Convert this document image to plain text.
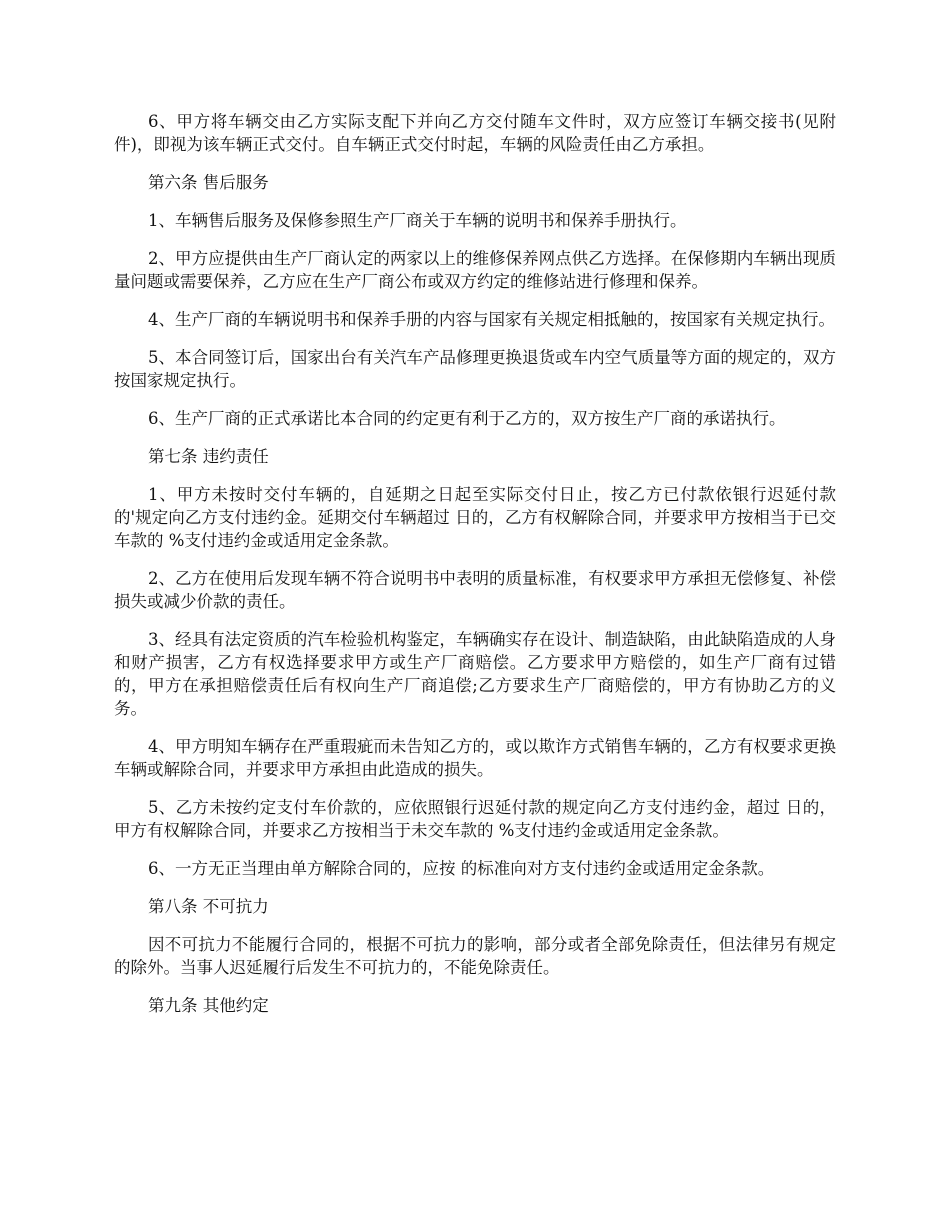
6、甲方将车辆交由乙方实际支配下并向乙方交付随车文件时，双方应签订车辆交接书(见附件)，即视为该车辆正式交付。自车辆正式交付时起，车辆的风险责任由乙方承担。

第六条 售后服务

1、车辆售后服务及保修参照生产厂商关于车辆的说明书和保养手册执行。

2、甲方应提供由生产厂商认定的两家以上的维修保养网点供乙方选择。在保修期内车辆出现质量问题或需要保养，乙方应在生产厂商公布或双方约定的维修站进行修理和保养。

4、生产厂商的车辆说明书和保养手册的内容与国家有关规定相抵触的，按国家有关规定执行。

5、本合同签订后，国家出台有关汽车产品修理更换退货或车内空气质量等方面的规定的，双方按国家规定执行。

6、生产厂商的正式承诺比本合同的约定更有利于乙方的，双方按生产厂商的承诺执行。

第七条 违约责任

1、甲方未按时交付车辆的，自延期之日起至实际交付日止，按乙方已付款依银行迟延付款的'规定向乙方支付违约金。延期交付车辆超过 日的，乙方有权解除合同，并要求甲方按相当于已交车款的 %支付违约金或适用定金条款。

2、乙方在使用后发现车辆不符合说明书中表明的质量标准，有权要求甲方承担无偿修复、补偿损失或减少价款的责任。

3、经具有法定资质的汽车检验机构鉴定，车辆确实存在设计、制造缺陷，由此缺陷造成的人身和财产损害，乙方有权选择要求甲方或生产厂商赔偿。乙方要求甲方赔偿的，如生产厂商有过错的，甲方在承担赔偿责任后有权向生产厂商追偿;乙方要求生产厂商赔偿的，甲方有协助乙方的义务。

4、甲方明知车辆存在严重瑕疵而未告知乙方的，或以欺诈方式销售车辆的，乙方有权要求更换车辆或解除合同，并要求甲方承担由此造成的损失。

5、乙方未按约定支付车价款的，应依照银行迟延付款的规定向乙方支付违约金，超过 日的，甲方有权解除合同，并要求乙方按相当于未交车款的 %支付违约金或适用定金条款。

6、一方无正当理由单方解除合同的，应按 的标准向对方支付违约金或适用定金条款。

第八条 不可抗力

因不可抗力不能履行合同的，根据不可抗力的影响，部分或者全部免除责任，但法律另有规定的除外。当事人迟延履行后发生不可抗力的，不能免除责任。

第九条 其他约定
